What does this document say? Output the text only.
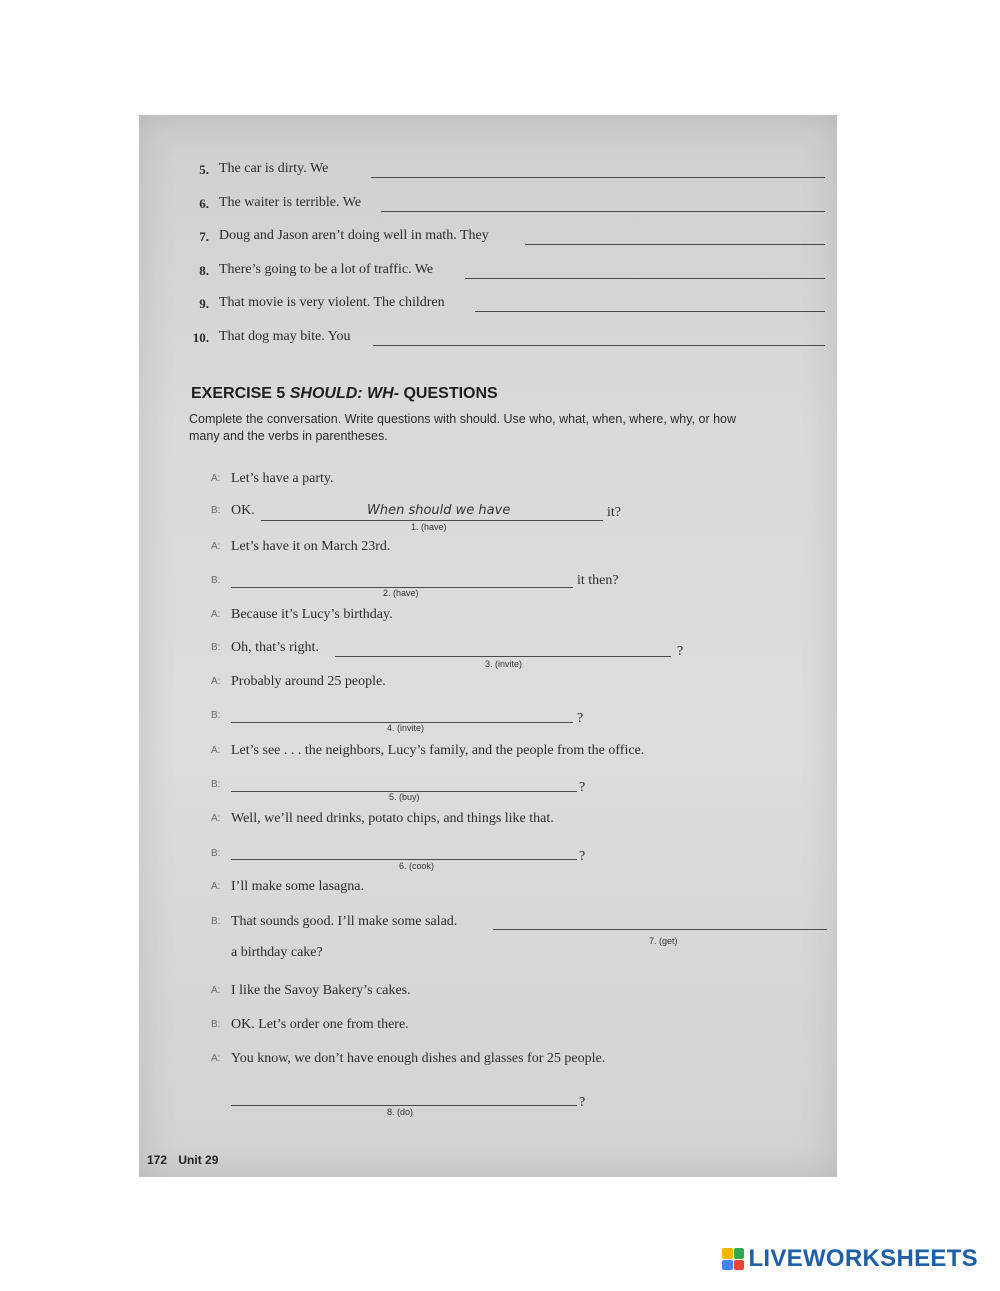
5. The car is dirty. We
6. The waiter is terrible. We
7. Doug and Jason aren’t doing well in math. They
8. There’s going to be a lot of traffic. We
9. That movie is very violent. The children
10. That dog may bite. You
EXERCISE 5 SHOULD: WH- QUESTIONS
Complete the conversation. Write questions with should. Use who, what, when, where, why, or how many and the verbs in parentheses.
A: Let’s have a party.
B: OK.	When should we have	it?
1. (have)
A: Let’s have it on March 23rd.
B:	it then?
2. (have)
A: Because it’s Lucy’s birthday.
B: Oh, that’s right.	?
3. (invite)
A: Probably around 25 people.
B:	?
4. (invite)
A: Let’s see . . . the neighbors, Lucy’s family, and the people from the office.
B:	?
5. (buy)
A: Well, we’ll need drinks, potato chips, and things like that.
B:	?
6. (cook)
A: I’ll make some lasagna.
B: That sounds good. I’ll make some salad.
7. (get)
a birthday cake?
A: I like the Savoy Bakery’s cakes.
B: OK. Let’s order one from there.
A: You know, we don’t have enough dishes and glasses for 25 people.
?
8. (do)
172 Unit 29
LIVEWORKSHEETS
